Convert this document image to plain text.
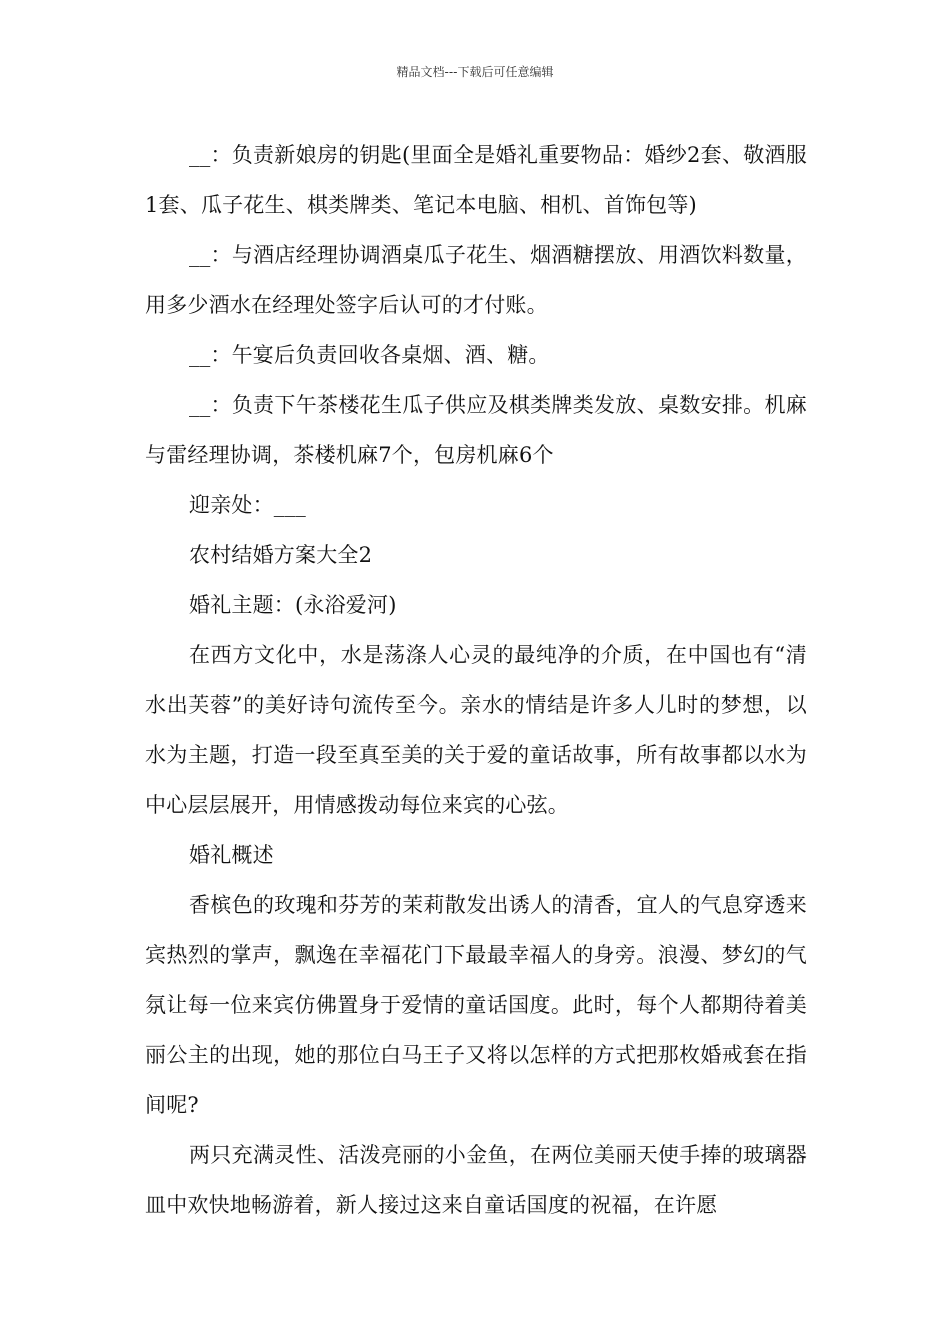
精品文档---下载后可任意编辑

__：负责新娘房的钥匙(里面全是婚礼重要物品：婚纱2套、敬酒服1套、瓜子花生、棋类牌类、笔记本电脑、相机、首饰包等)

__：与酒店经理协调酒桌瓜子花生、烟酒糖摆放、用酒饮料数量，用多少酒水在经理处签字后认可的才付账。

__：午宴后负责回收各桌烟、酒、糖。

__：负责下午茶楼花生瓜子供应及棋类牌类发放、桌数安排。机麻与雷经理协调，茶楼机麻7个，包房机麻6个

迎亲处：___

农村结婚方案大全2

婚礼主题：(永浴爱河)

在西方文化中，水是荡涤人心灵的最纯净的介质，在中国也有“清水出芙蓉”的美好诗句流传至今。亲水的情结是许多人儿时的梦想，以水为主题，打造一段至真至美的关于爱的童话故事，所有故事都以水为中心层层展开，用情感拨动每位来宾的心弦。

婚礼概述

香槟色的玫瑰和芬芳的茉莉散发出诱人的清香，宜人的气息穿透来宾热烈的掌声，飘逸在幸福花门下最最幸福人的身旁。浪漫、梦幻的气氛让每一位来宾仿佛置身于爱情的童话国度。此时，每个人都期待着美丽公主的出现，她的那位白马王子又将以怎样的方式把那枚婚戒套在指间呢?

两只充满灵性、活泼亮丽的小金鱼，在两位美丽天使手捧的玻璃器皿中欢快地畅游着，新人接过这来自童话国度的祝福，在许愿
